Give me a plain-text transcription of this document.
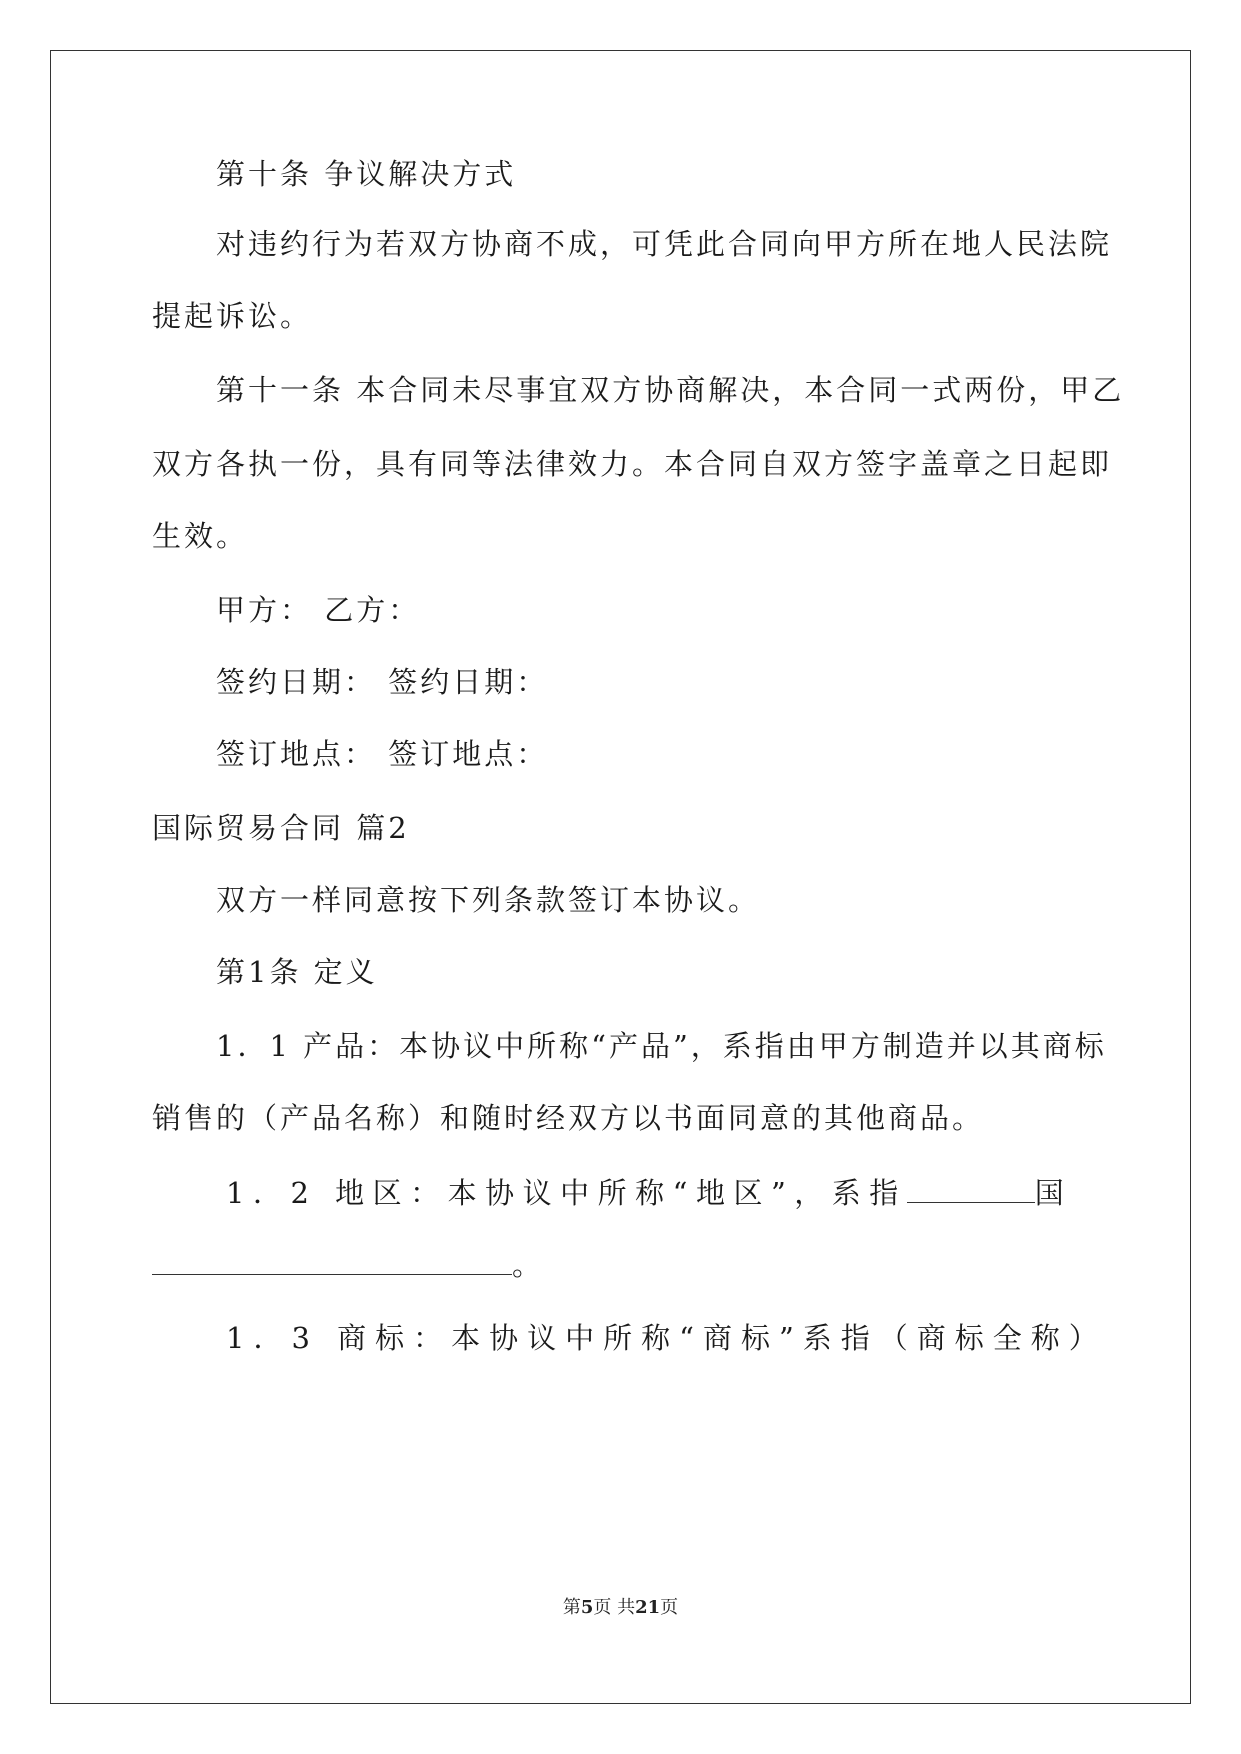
第十条 争议解决方式
对违约行为若双方协商不成，可凭此合同向甲方所在地人民法院
提起诉讼。
第十一条 本合同未尽事宜双方协商解决，本合同一式两份，甲乙
双方各执一份，具有同等法律效力。本合同自双方签字盖章之日起即
生效。
甲方： 乙方：
签约日期： 签约日期：
签订地点： 签订地点：
国际贸易合同 篇2
双方一样同意按下列条款签订本协议。
第1条 定义
1．1 产品：本协议中所称“产品”，系指由甲方制造并以其商标
销售的（产品名称）和随时经双方以书面同意的其他商品。
1．2 地区：本协议中所称“地区”，系指	国
。
1．3 商标：本协议中所称“商标”系指（商标全称）
第5页 共21页
